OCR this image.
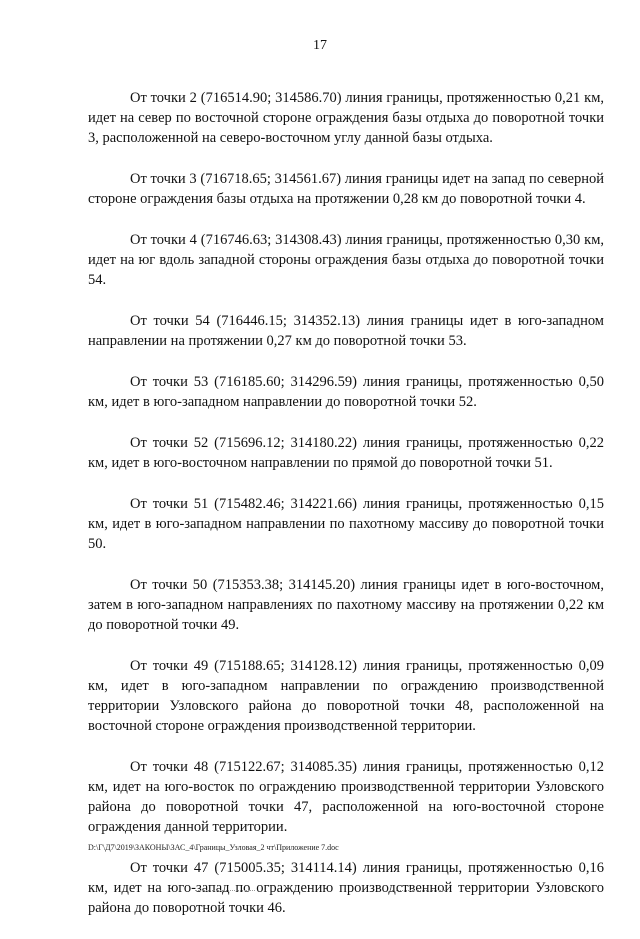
17

От точки 2 (716514.90; 314586.70) линия границы, протяженностью 0,21 км, идет на север по восточной стороне ограждения базы отдыха до поворотной точки 3, расположенной на северо-восточном углу данной базы отдыха.

От точки 3 (716718.65; 314561.67) линия границы идет на запад по северной стороне ограждения базы отдыха на протяжении 0,28 км до поворотной точки 4.

От точки 4 (716746.63; 314308.43) линия границы, протяженностью 0,30 км, идет на юг вдоль западной стороны ограждения базы отдыха до поворотной точки 54.

От точки 54 (716446.15; 314352.13) линия границы идет в юго-западном направлении на протяжении 0,27 км до поворотной точки 53.

От точки 53 (716185.60; 314296.59) линия границы, протяженностью 0,50 км, идет в юго-западном направлении до поворотной точки 52.

От точки 52 (715696.12; 314180.22) линия границы, протяженностью 0,22 км, идет в юго-восточном направлении по прямой до поворотной точки 51.

От точки 51 (715482.46; 314221.66) линия границы, протяженностью 0,15 км, идет в юго-западном направлении по пахотному массиву до поворотной точки 50.

От точки 50 (715353.38; 314145.20) линия границы идет в юго-восточном, затем в юго-западном направлениях по пахотному массиву на протяжении 0,22 км до поворотной точки 49.

От точки 49 (715188.65; 314128.12) линия границы, протяженностью 0,09 км, идет в юго-западном направлении по ограждению производственной территории Узловского района до поворотной точки 48, расположенной на восточной стороне ограждения производственной территории.

От точки 48 (715122.67; 314085.35) линия границы, протяженностью 0,12 км, идет на юго-восток по ограждению производственной территории Узловского района до поворотной точки 47, расположенной на юго-восточной стороне ограждения данной территории.

От точки 47 (715005.35; 314114.14) линия границы, протяженностью 0,16 км, идет на юго-запад по ограждению производственной территории Узловского района до поворотной точки 46.

D:\Г\Д7\2019\ЗАКОНЫ\ЗАС_4\Границы_Узловая_2 чт\Приложение 7.doc
